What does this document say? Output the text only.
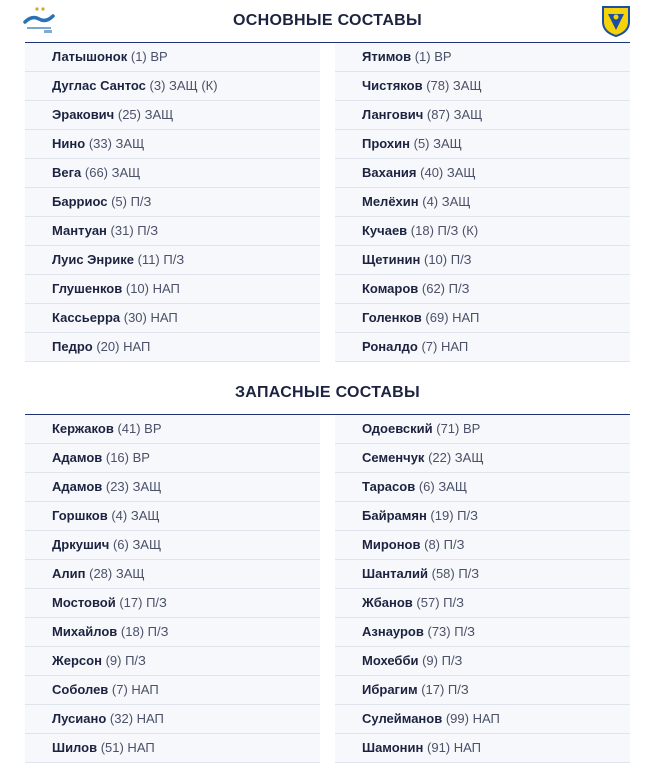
ОСНОВНЫЕ СОСТАВЫ
Латышонок (1) ВР
Дуглас Сантос (3) ЗАЩ (К)
Эракович (25) ЗАЩ
Нино (33) ЗАЩ
Вега (66) ЗАЩ
Барриос (5) П/З
Мантуан (31) П/З
Луис Энрике (11) П/З
Глушенков (10) НАП
Кассьерра (30) НАП
Педро (20) НАП
Ятимов (1) ВР
Чистяков (78) ЗАЩ
Лангович (87) ЗАЩ
Прохин (5) ЗАЩ
Вахания (40) ЗАЩ
Мелёхин (4) ЗАЩ
Кучаев (18) П/З (К)
Щетинин (10) П/З
Комаров (62) П/З
Голенков (69) НАП
Роналдо (7) НАП
ЗАПАСНЫЕ СОСТАВЫ
Кержаков (41) ВР
Адамов (16) ВР
Адамов (23) ЗАЩ
Горшков (4) ЗАЩ
Дркушич (6) ЗАЩ
Алип (28) ЗАЩ
Мостовой (17) П/З
Михайлов (18) П/З
Жерсон (9) П/З
Соболев (7) НАП
Лусиано (32) НАП
Шилов (51) НАП
Одоевский (71) ВР
Семенчук (22) ЗАЩ
Тарасов (6) ЗАЩ
Байрамян (19) П/З
Миронов (8) П/З
Шанталий (58) П/З
Жбанов (57) П/З
Азнауров (73) П/З
Мохебби (9) П/З
Ибрагим (17) П/З
Сулейманов (99) НАП
Шамонин (91) НАП
